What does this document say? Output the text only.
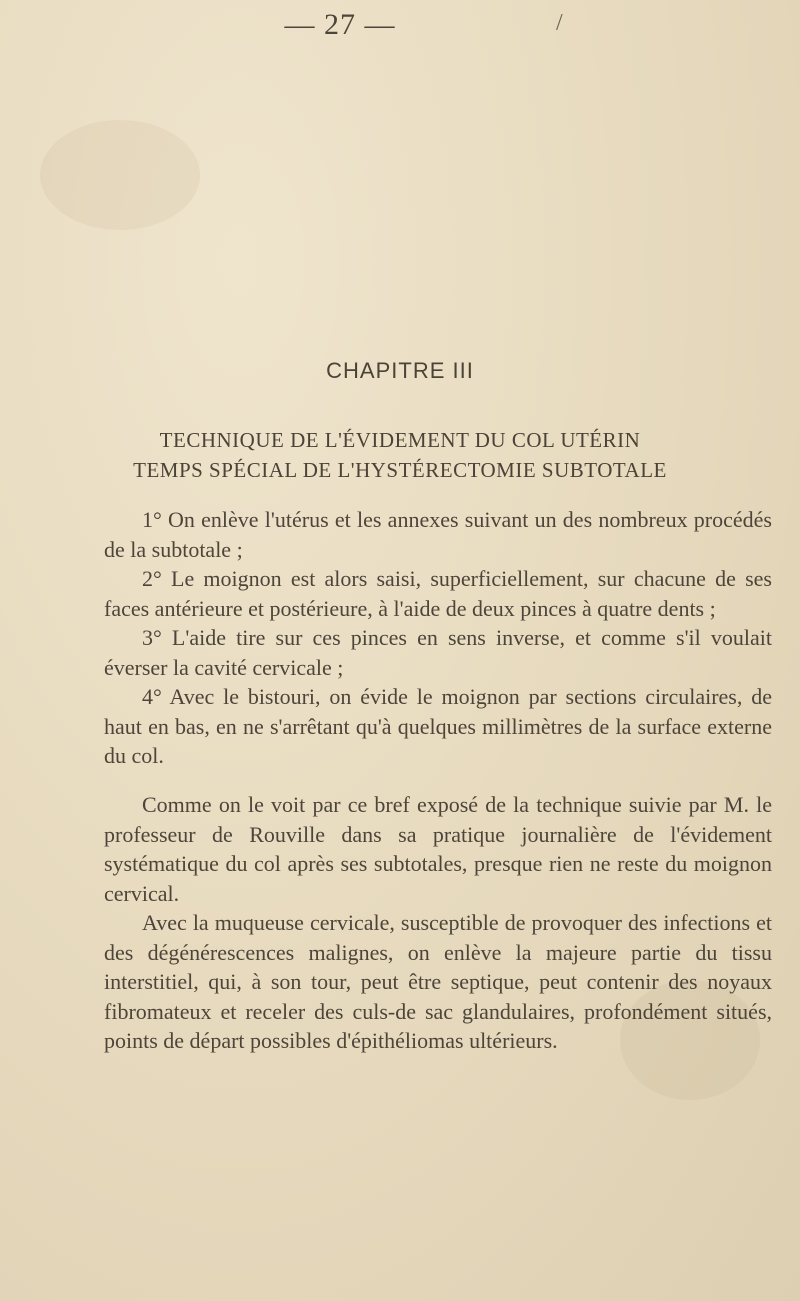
— 27 —	/
CHAPITRE III
TECHNIQUE DE L'ÉVIDEMENT DU COL UTÉRIN
TEMPS SPÉCIAL DE L'HYSTÉRECTOMIE SUBTOTALE

1° On enlève l'utérus et les annexes suivant un des nombreux procédés de la subtotale ;

2° Le moignon est alors saisi, superficiellement, sur chacune de ses faces antérieure et postérieure, à l'aide de deux pinces à quatre dents ;

3° L'aide tire sur ces pinces en sens inverse, et comme s'il voulait éverser la cavité cervicale ;

4° Avec le bistouri, on évide le moignon par sections circulaires, de haut en bas, en ne s'arrêtant qu'à quelques millimètres de la surface externe du col.

Comme on le voit par ce bref exposé de la technique suivie par M. le professeur de Rouville dans sa pratique journalière de l'évidement systématique du col après ses subtotales, presque rien ne reste du moignon cervical.

Avec la muqueuse cervicale, susceptible de provoquer des infections et des dégénérescences malignes, on enlève la majeure partie du tissu interstitiel, qui, à son tour, peut être septique, peut contenir des noyaux fibromateux et receler des culs-de sac glandulaires, profondément situés, points de départ possibles d'épithéliomas ultérieurs.
